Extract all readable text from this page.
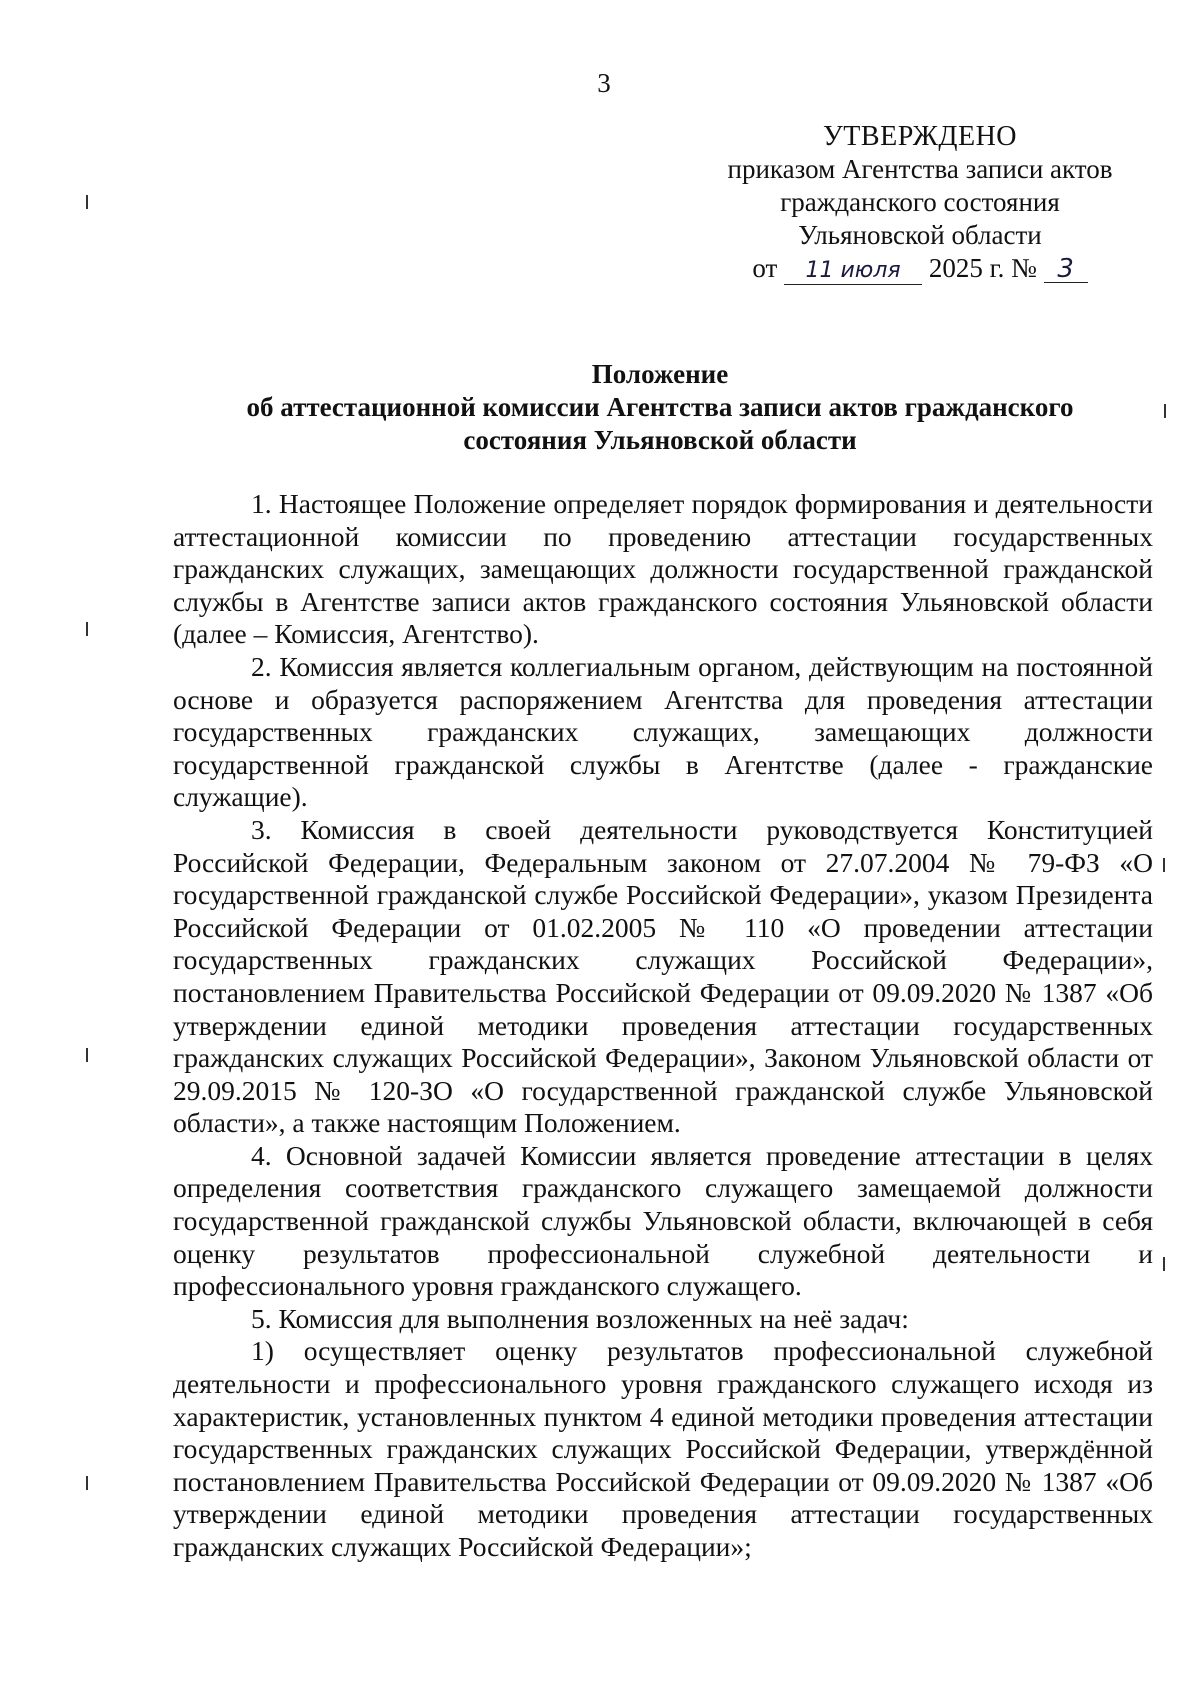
3
УТВЕРЖДЕНО
приказом Агентства записи актов
гражданского состояния
Ульяновской области
от 11 июля 2025 г. № 3
Положение
об аттестационной комиссии Агентства записи актов гражданского
состояния Ульяновской области

1. Настоящее Положение определяет порядок формирования и деятельности аттестационной комиссии по проведению аттестации государственных гражданских служащих, замещающих должности государственной гражданской службы в Агентстве записи актов гражданского состояния Ульяновской области (далее – Комиссия, Агентство).

2. Комиссия является коллегиальным органом, действующим на постоянной основе и образуется распоряжением Агентства для проведения аттестации государственных гражданских служащих, замещающих должности государственной гражданской службы в Агентстве (далее - гражданские служащие).

3. Комиссия в своей деятельности руководствуется Конституцией Российской Федерации, Федеральным законом от 27.07.2004 № 79-ФЗ «О государственной гражданской службе Российской Федерации», указом Президента Российской Федерации от 01.02.2005 № 110 «О проведении аттестации государственных гражданских служащих Российской Федерации», постановлением Правительства Российской Федерации от 09.09.2020 № 1387 «Об утверждении единой методики проведения аттестации государственных гражданских служащих Российской Федерации», Законом Ульяновской области от 29.09.2015 № 120-ЗО «О государственной гражданской службе Ульяновской области», а также настоящим Положением.

4. Основной задачей Комиссии является проведение аттестации в целях определения соответствия гражданского служащего замещаемой должности государственной гражданской службы Ульяновской области, включающей в себя оценку результатов профессиональной служебной деятельности и профессионального уровня гражданского служащего.

5. Комиссия для выполнения возложенных на неё задач:

1) осуществляет оценку результатов профессиональной служебной деятельности и профессионального уровня гражданского служащего исходя из характеристик, установленных пунктом 4 единой методики проведения аттестации государственных гражданских служащих Российской Федерации, утверждённой постановлением Правительства Российской Федерации от 09.09.2020 № 1387 «Об утверждении единой методики проведения аттестации государственных гражданских служащих Российской Федерации»;
